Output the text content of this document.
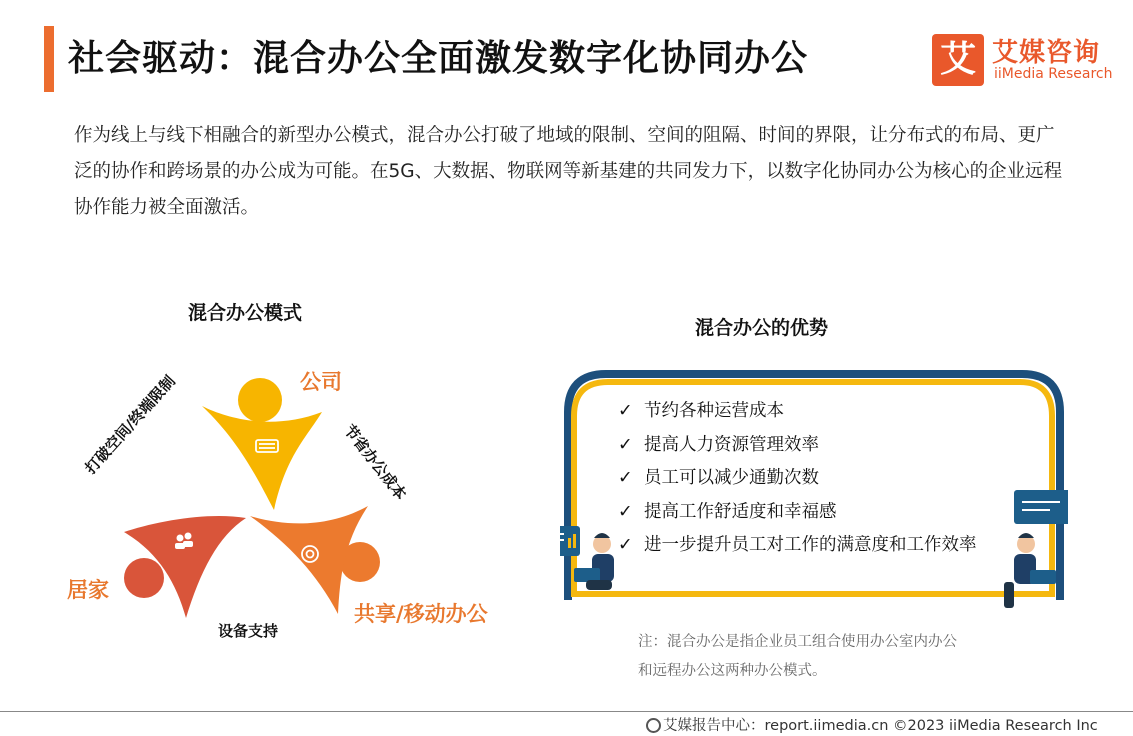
社会驱动：混合办公全面激发数字化协同办公	艾 艾媒咨询
iiMedia Research
作为线上与线下相融合的新型办公模式，混合办公打破了地域的限制、空间的阻隔、时间的界限，让分布式的布局、更广泛的协作和跨场景的办公成为可能。在5G、大数据、物联网等新基建的共同发力下，以数字化协同办公为核心的企业远程协作能力被全面激活。
混合办公模式
公司
居家
共享/移动办公
打破空间/终端限制	节省办公成本
设备支持
混合办公的优势
✓ 节约各种运营成本
✓ 提高人力资源管理效率
✓ 员工可以减少通勤次数
✓ 提高工作舒适度和幸福感
✓ 进一步提升员工对工作的满意度和工作效率
注：混合办公是指企业员工组合使用办公室内办公和远程办公这两种办公模式。
艾媒报告中心：report.iimedia.cn ©2023 iiMedia Research Inc
